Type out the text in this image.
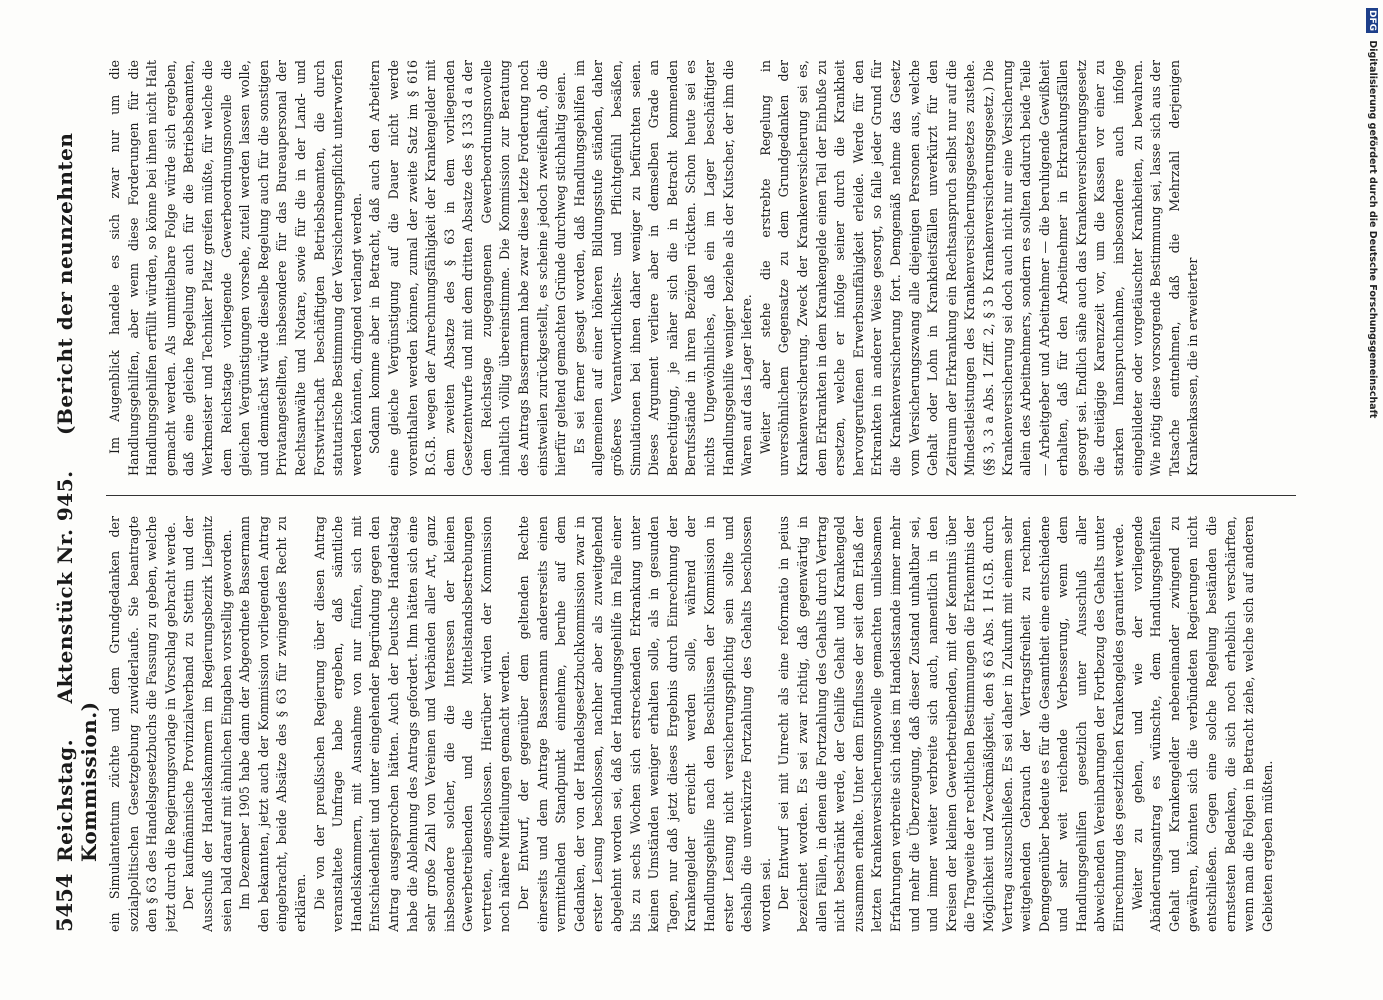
5454
Reichstag. Aktenstück Nr. 945. (Bericht der neunzehnten Kommission.) ein Simulantentum züchte und dem Grundgedanken der sozialpolitischen Gesetzgebung zuwiderlaufe. Sie beantragte den § 63 des Handelsgesetzbuchs die Fassung zu geben, welche jetzt durch die Regierungsvorlage in Vorschlag gebracht werde. Der kaufmännische Provinzialverband zu Stettin und der Ausschuß der Handelskammern im Regierungsbezirk Liegnitz seien bald darauf mit ähnlichen Eingaben vorstellig geworden. Im Dezember 1905 habe dann der Abgeordnete Bassermann den bekannten, jetzt auch der Kommission vorliegenden Antrag eingebracht, beide Absätze des § 63 für zwingendes Recht zu erklären. Die von der preußischen Regierung über diesen Antrag veranstaltete Umfrage habe ergeben, daß sämtliche Handelskammern, mit Ausnahme von nur fünfen, sich mit Entschiedenheit und unter eingehender Begründung gegen den Antrag ausgesprochen hätten. Auch der Deutsche Handelstag habe die Ablehnung des Antrags gefordert. Ihm hätten sich eine sehr große Zahl von Vereinen und Verbänden aller Art, ganz insbesondere solcher, die die Interessen der kleinen Gewerbetreibenden und die Mittelstandsbestrebungen vertreten, angeschlossen. Hierüber würden der Kommission noch nähere Mitteilungen gemacht werden. Der Entwurf, der gegenüber dem geltenden Rechte einerseits und dem Antrage Bassermann andererseits einen vermittelnden Standpunkt einnehme, beruhe auf dem Gedanken, der von der Handelsgesetzbuchkommission zwar in erster Lesung beschlossen, nachher aber als zuweitgehend abgelehnt worden sei, daß der Handlungsgehilfe im Falle einer bis zu sechs Wochen sich erstreckenden Erkrankung unter keinen Umständen weniger erhalten solle, als in gesunden Tagen, nur daß jetzt dieses Ergebnis durch Einrechnung der Krankengelder erreicht werden solle, während der Handlungsgehilfe nach den Beschlüssen der Kommission in erster Lesung nicht versicherungspflichtig sein sollte und deshalb die unverkürzte Fortzahlung des Gehalts beschlossen worden sei. Der Entwurf sei mit Unrecht als eine reformatio in peius bezeichnet worden. Es sei zwar richtig, daß gegenwärtig in allen Fällen, in denen die Fortzahlung des Gehalts durch Vertrag nicht beschränkt werde, der Gehilfe Gehalt und Krankengeld zusammen erhalte. Unter dem Einflusse der seit dem Erlaß der letzten Krankenversicherungsnovelle gemachten unliebsamen Erfahrungen verbreite sich indes im Handelsstande immer mehr und mehr die Überzeugung, daß dieser Zustand unhaltbar sei, und immer weiter verbreite sich auch, namentlich in den Kreisen der kleinen Gewerbetreibenden, mit der Kenntnis über die Tragweite der rechtlichen Bestimmungen die Erkenntnis der Möglichkeit und Zweckmäßigkeit, den § 63 Abs. 1 H.G.B. durch Vertrag auszuschließen. Es sei daher in Zukunft mit einem sehr weitgehenden Gebrauch der Vertragsfreiheit zu rechnen. Demgegenüber bedeute es für die Gesamtheit eine entschiedene und sehr weit reichende Verbesserung, wenn dem Handlungsgehilfen gesetzlich unter Ausschluß aller abweichenden Vereinbarungen der Fortbezug des Gehalts unter Einrechnung des gesetzlichen Krankengeldes garantiert werde. Weiter zu gehen, und wie der vorliegende Abänderungsantrag es wünschte, dem Handlungsgehilfen Gehalt und Krankengelder nebeneinander zwingend zu gewähren, könnten sich die verbündeten Regierungen nicht entschließen. Gegen eine solche Regelung beständen die ernstesten Bedenken, die sich noch erheblich verschärften, wenn man die Folgen in Betracht ziehe, welche sich auf anderen Gebieten ergeben müßten.

Im Augenblick handele es sich zwar nur um die Handlungsgehilfen, aber wenn diese Forderungen für die Handlungsgehilfen erfüllt würden, so könne bei ihnen nicht Halt gemacht werden. Als unmittelbare Folge würde sich ergeben, daß eine gleiche Regelung auch für die Betriebsbeamten, Werkmeister und Techniker Platz greifen müßte, für welche die dem Reichstage vorliegende Gewerbeordnungsnovelle die gleichen Vergünstigungen vorsehe, zuteil werden lassen wolle, und demnächst würde dieselbe Regelung auch für die sonstigen Privatangestellten, insbesondere für das Bureaupersonal der Rechtsanwälte und Notare, sowie für die in der Land- und Forstwirtschaft beschäftigten Betriebsbeamten, die durch statutarische Bestimmung der Versicherungspflicht unterworfen werden könnten, dringend verlangt werden. Sodann komme aber in Betracht, daß auch den Arbeitern eine gleiche Vergünstigung auf die Dauer nicht werde vorenthalten werden können, zumal der zweite Satz im § 616 B.G.B. wegen der Anrechnungsfähigkeit der Krankengelder mit dem zweiten Absatze des § 63 in dem vorliegenden Gesetzentwurfe und mit dem dritten Absatze des § 133 d a der dem Reichstage zugegangenen Gewerbeordnungsnovelle inhaltlich völlig übereinstimme. Die Kommission zur Beratung des Antrags Bassermann habe zwar diese letzte Forderung noch einstweilen zurückgestellt, es scheine jedoch zweifelhaft, ob die hierfür geltend gemachten Gründe durchweg stichhaltig seien. Es sei ferner gesagt worden, daß Handlungsgehilfen im allgemeinen auf einer höheren Bildungsstufe ständen, daher größeres Verantwortlichkeits- und Pflichtgefühl besäßen, Simulationen bei ihnen daher weniger zu befürchten seien. Dieses Argument verliere aber in demselben Grade an Berechtigung, je näher sich die in Betracht kommenden Berufsstände in ihren Bezügen rückten. Schon heute sei es nichts Ungewöhnliches, daß ein im Lager beschäftigter Handlungsgehilfe weniger beziehe als der Kutscher, der ihm die Waren auf das Lager liefere. Weiter aber stehe die erstrebte Regelung in unversöhnlichem Gegensatze zu dem Grundgedanken der Krankenversicherung. Zweck der Krankenversicherung sei es, dem Erkrankten in dem Krankengelde einen Teil der Einbuße zu ersetzen, welche er infolge seiner durch die Krankheit hervorgerufenen Erwerbsunfähigkeit erleide. Werde für den Erkrankten in anderer Weise gesorgt, so falle jeder Grund für die Krankenversicherung fort. Demgemäß nehme das Gesetz vom Versicherungszwang alle diejenigen Personen aus, welche Gehalt oder Lohn in Krankheitsfällen unverkürzt für den Zeitraum der Erkrankung ein Rechtsanspruch selbst nur auf die Mindestleistungen des Krankenversicherungsgesetzes zustehe. (§§ 3, 3 a Abs. 1 Ziff. 2, § 3 b Krankenversicherungsgesetz.) Die Krankenversicherung sei doch auch nicht nur eine Versicherung allein des Arbeitnehmers, sondern es sollten dadurch beide Teile — Arbeitgeber und Arbeitnehmer — die beruhigende Gewißheit erhalten, daß für den Arbeitnehmer in Erkrankungsfällen gesorgt sei. Endlich sähe auch das Krankenversicherungsgesetz die dreitägige Karenzzeit vor, um die Kassen vor einer zu starken Inanspruchnahme, insbesondere auch infolge eingebildeter oder vorgetäuschter Krankheiten, zu bewahren. Wie nötig diese vorsorgende Bestimmung sei, lasse sich aus der Tatsache entnehmen, daß die Mehrzahl derjenigen Krankenkassen, die in erweiterter

DFG Digitalisierung gefördert durch die Deutsche Forschungsgemeinschaft
